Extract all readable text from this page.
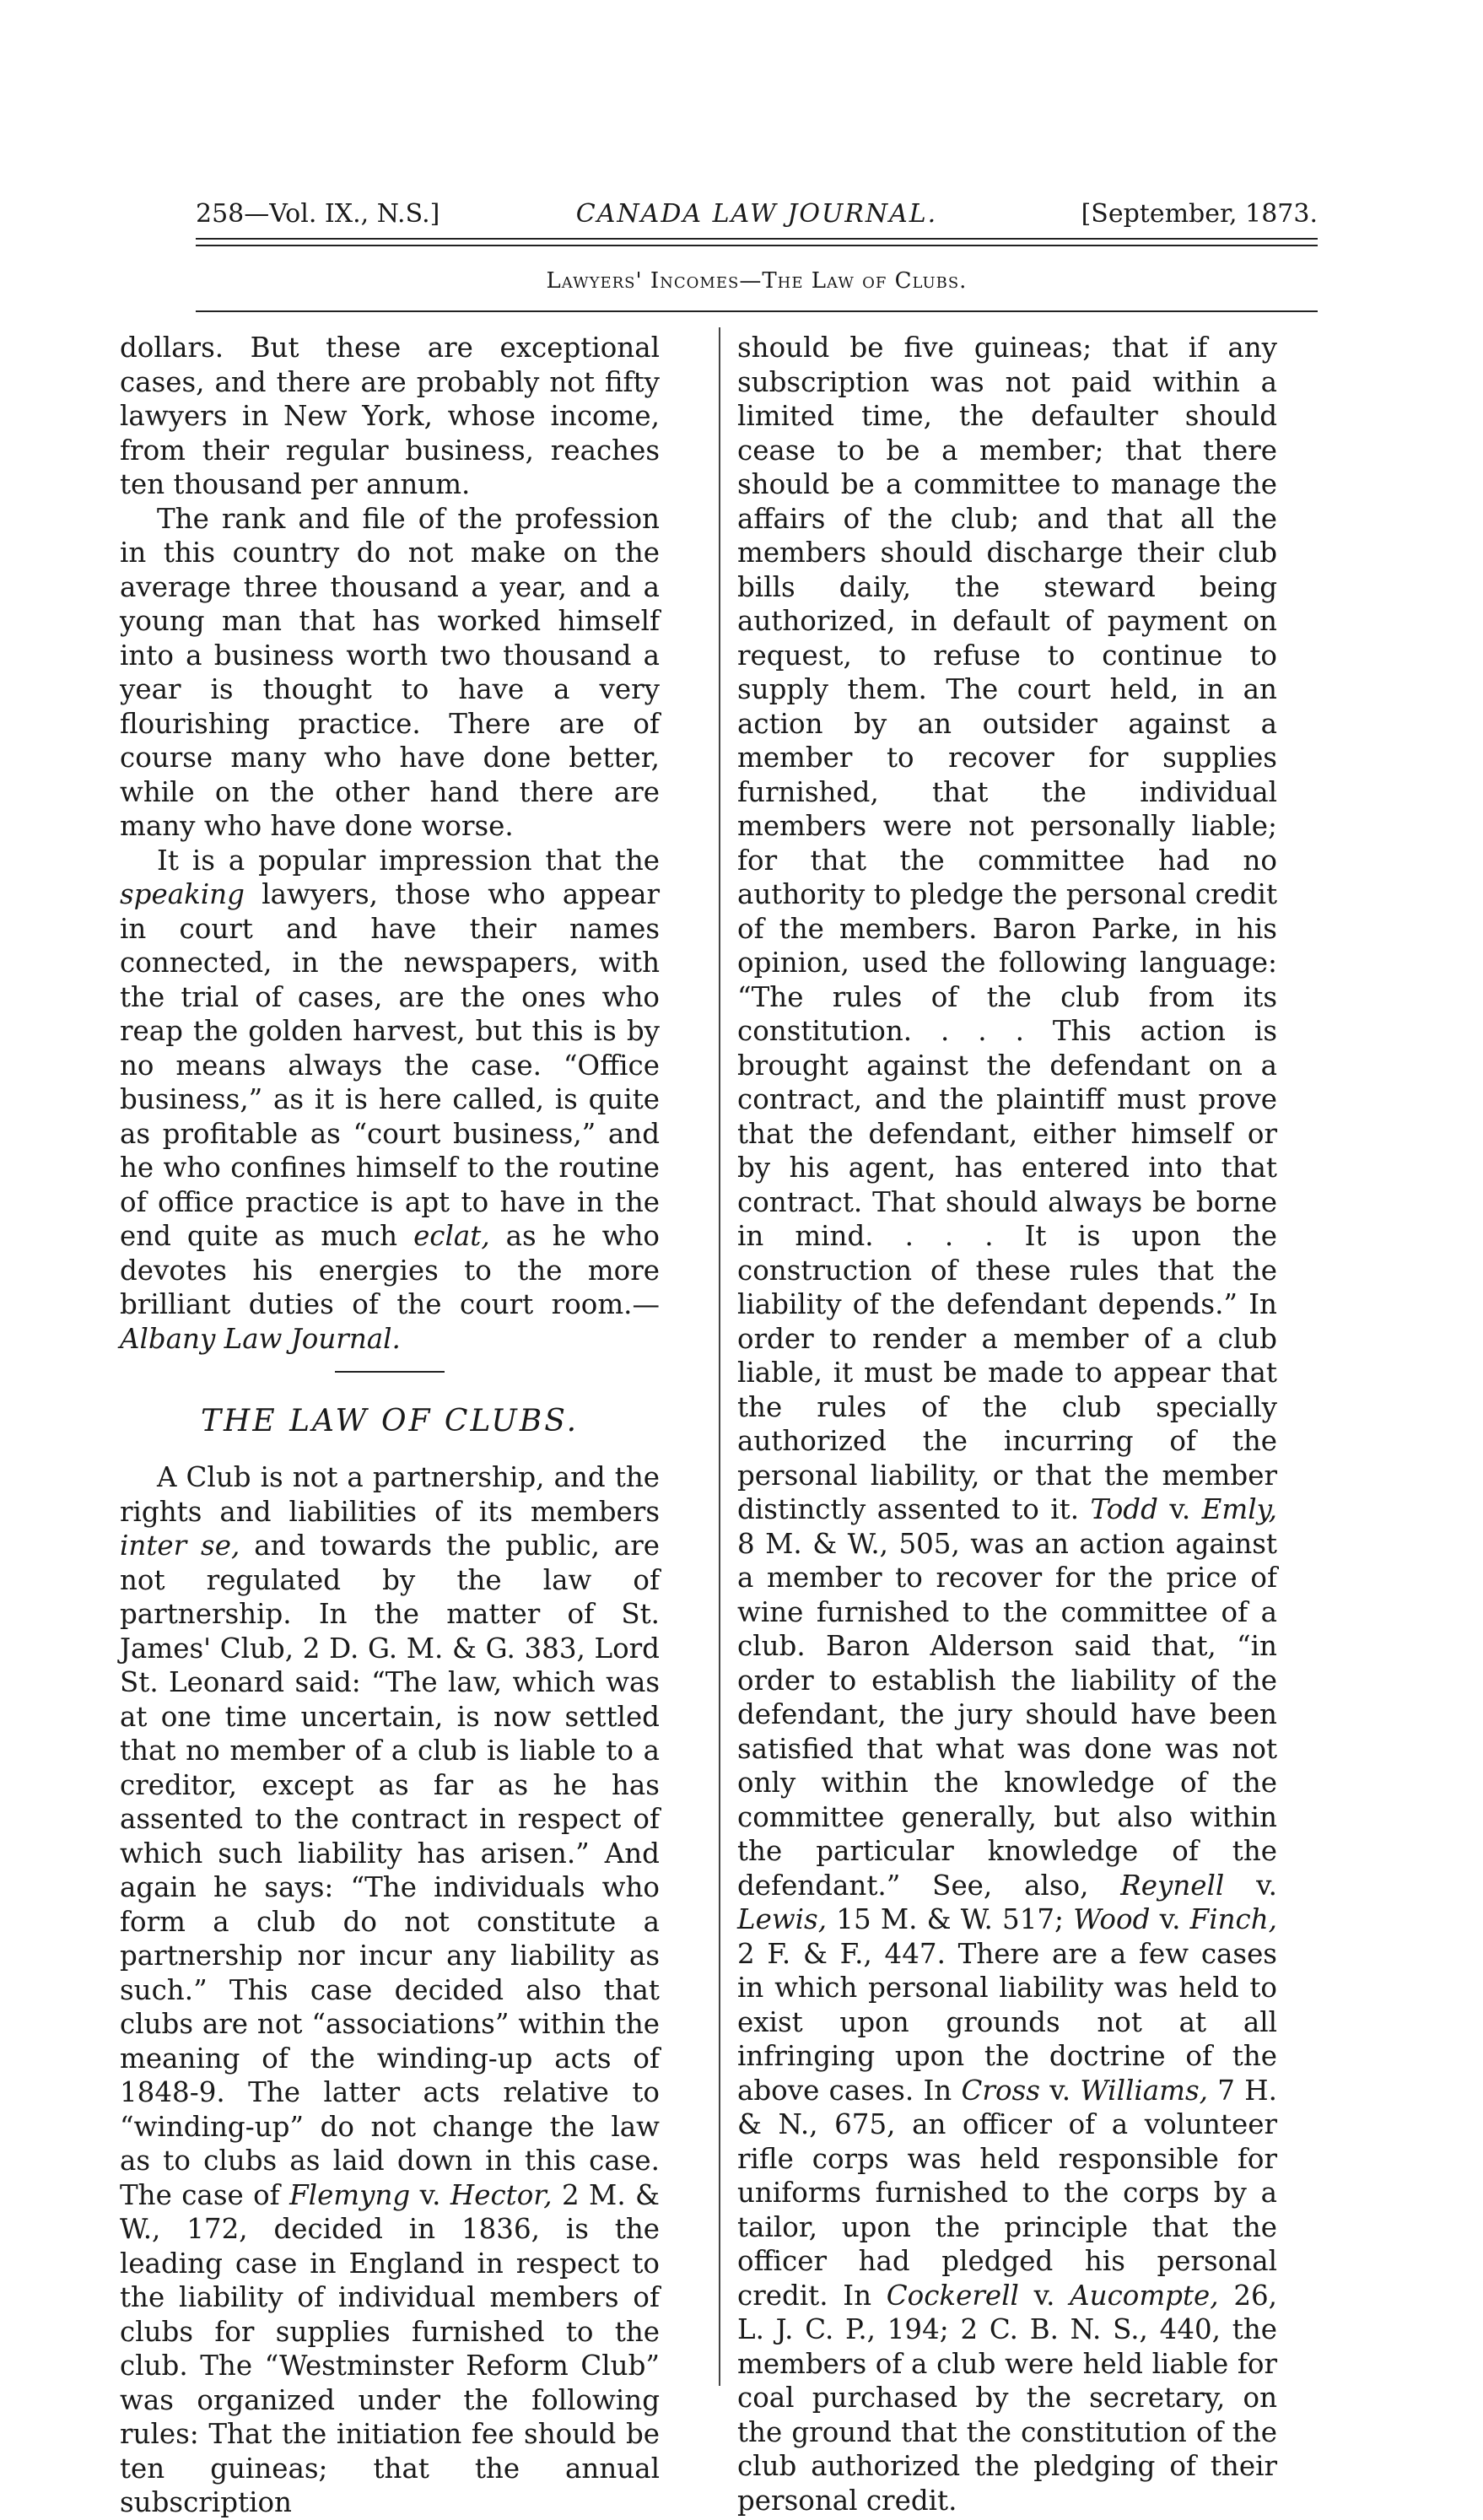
258—Vol. IX., N.S.]	CANADA LAW JOURNAL.	[September, 1873.
Lawyers' Incomes—The Law of Clubs.

dollars. But these are exceptional cases, and there are probably not fifty lawyers in New York, whose income, from their regular business, reaches ten thousand per annum.

The rank and file of the profession in this country do not make on the average three thousand a year, and a young man that has worked himself into a business worth two thousand a year is thought to have a very flourishing practice. There are of course many who have done better, while on the other hand there are many who have done worse.

It is a popular impression that the speaking lawyers, those who appear in court and have their names connected, in the newspapers, with the trial of cases, are the ones who reap the golden harvest, but this is by no means always the case. “Office business,” as it is here called, is quite as profitable as “court business,” and he who confines himself to the routine of office practice is apt to have in the end quite as much eclat, as he who devotes his energies to the more brilliant duties of the court room.—Albany Law Journal.

THE LAW OF CLUBS.

A Club is not a partnership, and the rights and liabilities of its members inter se, and towards the public, are not regulated by the law of partnership. In the matter of St. James' Club, 2 D. G. M. & G. 383, Lord St. Leonard said: “The law, which was at one time uncertain, is now settled that no member of a club is liable to a creditor, except as far as he has assented to the contract in respect of which such liability has arisen.” And again he says: “The individuals who form a club do not constitute a partnership nor incur any liability as such.” This case decided also that clubs are not “associations” within the meaning of the winding-up acts of 1848-9. The latter acts relative to “winding-up” do not change the law as to clubs as laid down in this case. The case of Flemyng v. Hector, 2 M. & W., 172, decided in 1836, is the leading case in England in respect to the liability of individual members of clubs for supplies furnished to the club. The “Westminster Reform Club” was organized under the following rules: That the initiation fee should be ten guineas; that the annual subscription

should be five guineas; that if any subscription was not paid within a limited time, the defaulter should cease to be a member; that there should be a committee to manage the affairs of the club; and that all the members should discharge their club bills daily, the steward being authorized, in default of payment on request, to refuse to continue to supply them. The court held, in an action by an outsider against a member to recover for supplies furnished, that the individual members were not personally liable; for that the committee had no authority to pledge the personal credit of the members. Baron Parke, in his opinion, used the following language: “The rules of the club from its constitution. . . . This action is brought against the defendant on a contract, and the plaintiff must prove that the defendant, either himself or by his agent, has entered into that contract. That should always be borne in mind. . . . It is upon the construction of these rules that the liability of the defendant depends.” In order to render a member of a club liable, it must be made to appear that the rules of the club specially authorized the incurring of the personal liability, or that the member distinctly assented to it. Todd v. Emly, 8 M. & W., 505, was an action against a member to recover for the price of wine furnished to the committee of a club. Baron Alderson said that, “in order to establish the liability of the defendant, the jury should have been satisfied that what was done was not only within the knowledge of the committee generally, but also within the particular knowledge of the defendant.” See, also, Reynell v. Lewis, 15 M. & W. 517; Wood v. Finch, 2 F. & F., 447. There are a few cases in which personal liability was held to exist upon grounds not at all infringing upon the doctrine of the above cases. In Cross v. Williams, 7 H. & N., 675, an officer of a volunteer rifle corps was held responsible for uniforms furnished to the corps by a tailor, upon the principle that the officer had pledged his personal credit. In Cockerell v. Aucompte, 26, L. J. C. P., 194; 2 C. B. N. S., 440, the members of a club were held liable for coal purchased by the secretary, on the ground that the constitution of the club authorized the pledging of their personal credit.
